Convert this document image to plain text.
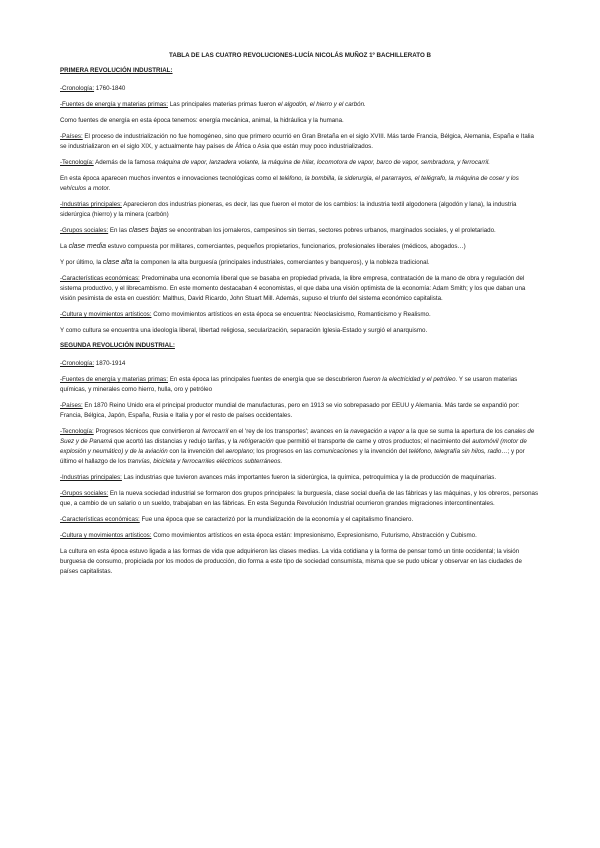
TABLA DE LAS CUATRO REVOLUCIONES-LUCÍA NICOLÁS MUÑOZ 1º BACHILLERATO B
PRIMERA REVOLUCIÓN INDUSTRIAL:

-Cronología: 1760-1840

-Fuentes de energía y materias primas: Las principales materias primas fueron el algodón, el hierro y el carbón.

Como fuentes de energía en esta época tenemos: energía mecánica, animal, la hidráulica y la humana.

-Países: El proceso de industrialización no fue homogéneo, sino que primero ocurrió en Gran Bretaña en el siglo XVIII. Más tarde Francia, Bélgica, Alemania, España e Italia se industrializaron en el siglo XIX, y actualmente hay países de África o Asia que están muy poco industrializados.

-Tecnología: Además de la famosa máquina de vapor, lanzadera volante, la máquina de hilar, locomotora de vapor, barco de vapor, sembradora, y ferrocarril.

En esta época aparecen muchos inventos e innovaciones tecnológicas como el teléfono, la bombilla, la siderurgia, el pararrayos, el telégrafo, la máquina de coser y los vehículos a motor.

-Industrias principales: Aparecieron dos industrias pioneras, es decir, las que fueron el motor de los cambios: la industria textil algodonera (algodón y lana), la industria siderúrgica (hierro) y la minera (carbón)

-Grupos sociales: En las clases bajas se encontraban los jornaleros, campesinos sin tierras, sectores pobres urbanos, marginados sociales, y el proletariado.

La clase media estuvo compuesta por militares, comerciantes, pequeños propietarios, funcionarios, profesionales liberales (médicos, abogados…)

Y por último, la clase alta la componen la alta burguesía (principales industriales, comerciantes y banqueros), y la nobleza tradicional.

-Características económicas: Predominaba una economía liberal que se basaba en propiedad privada, la libre empresa, contratación de la mano de obra y regulación del sistema productivo, y el librecambismo. En este momento destacaban 4 economistas, el que daba una visión optimista de la economía: Adam Smith; y los que daban una visión pesimista de esta en cuestión: Malthus, David Ricardo, John Stuart Mill. Además, supuso el triunfo del sistema económico capitalista.

-Cultura y movimientos artísticos: Como movimientos artísticos en esta época se encuentra: Neoclasicismo, Romanticismo y Realismo.

Y como cultura se encuentra una ideología liberal, libertad religiosa, secularización, separación Iglesia-Estado y surgió el anarquismo.

SEGUNDA REVOLUCIÓN INDUSTRIAL:

-Cronología: 1870-1914

-Fuentes de energía y materias primas: En esta época las principales fuentes de energía que se descubrieron fueron la electricidad y el petróleo. Y se usaron materias químicas, y minerales como hierro, hulla, oro y petróleo

-Países: En 1870 Reino Unido era el principal productor mundial de manufacturas, pero en 1913 se vio sobrepasado por EEUU y Alemania. Más tarde se expandió por: Francia, Bélgica, Japón, España, Rusia e Italia y por el resto de países occidentales.

-Tecnología: Progresos técnicos que convirtieron al ferrocarril en el 'rey de los transportes'; avances en la navegación a vapor a la que se suma la apertura de los canales de Suez y de Panamá que acortó las distancias y redujo tarifas, y la refrigeración que permitió el transporte de carne y otros productos; el nacimiento del automóvil (motor de explosión y neumático) y de la aviación con la invención del aeroplano; los progresos en las comunicaciones y la invención del teléfono, telegrafía sin hilos, radio…; y por último el hallazgo de los tranvías, bicicleta y ferrocarriles eléctricos subterráneos.

-Industrias principales: Las industrias que tuvieron avances más importantes fueron la siderúrgica, la química, petroquímica y la de producción de maquinarias.

-Grupos sociales: En la nueva sociedad industrial se formaron dos grupos principales: la burguesía, clase social dueña de las fábricas y las máquinas, y los obreros, personas que, a cambio de un salario o un sueldo, trabajaban en las fábricas. En esta Segunda Revolución Industrial ocurrieron grandes migraciones intercontinentales.

-Características económicas: Fue una época que se caracterizó por la mundialización de la economía y el capitalismo financiero.

-Cultura y movimientos artísticos: Como movimientos artísticos en esta época están: Impresionismo, Expresionismo, Futurismo, Abstracción y Cubismo.

La cultura en esta época estuvo ligada a las formas de vida que adquirieron las clases medias. La vida cotidiana y la forma de pensar tomó un tinte occidental; la visión burguesa de consumo, propiciada por los modos de producción, dio forma a este tipo de sociedad consumista, misma que se pudo ubicar y observar en las ciudades de países capitalistas.
